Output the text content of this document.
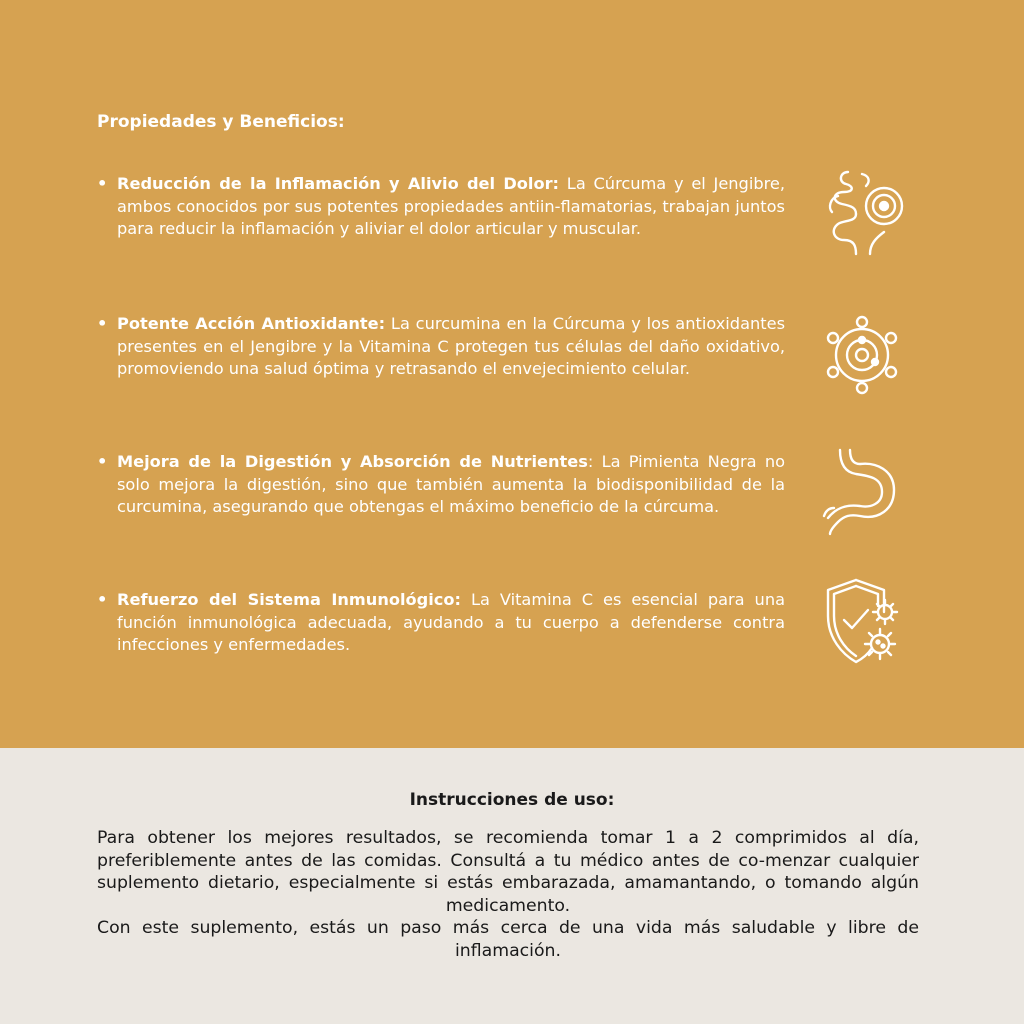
Propiedades y Beneficios:

• Reducción de la Inflamación y Alivio del Dolor: La Cúrcuma y el Jengibre, ambos conocidos por sus potentes propiedades antiin-flamatorias, trabajan juntos para reducir la inflamación y aliviar el dolor articular y muscular.

• Potente Acción Antioxidante: La curcumina en la Cúrcuma y los antioxidantes presentes en el Jengibre y la Vitamina C protegen tus células del daño oxidativo, promoviendo una salud óptima y retrasando el envejecimiento celular.

• Mejora de la Digestión y Absorción de Nutrientes: La Pimienta Negra no solo mejora la digestión, sino que también aumenta la biodisponibilidad de la curcumina, asegurando que obtengas el máximo beneficio de la cúrcuma.

• Refuerzo del Sistema Inmunológico: La Vitamina C es esencial para una función inmunológica adecuada, ayudando a tu cuerpo a defenderse contra infecciones y enfermedades.

Instrucciones de uso:

Para obtener los mejores resultados, se recomienda tomar 1 a 2 comprimidos al día, preferiblemente antes de las comidas. Consultá a tu médico antes de co-menzar cualquier suplemento dietario, especialmente si estás embarazada, amamantando, o tomando algún medicamento.
Con este suplemento, estás un paso más cerca de una vida más saludable y libre de inflamación.
